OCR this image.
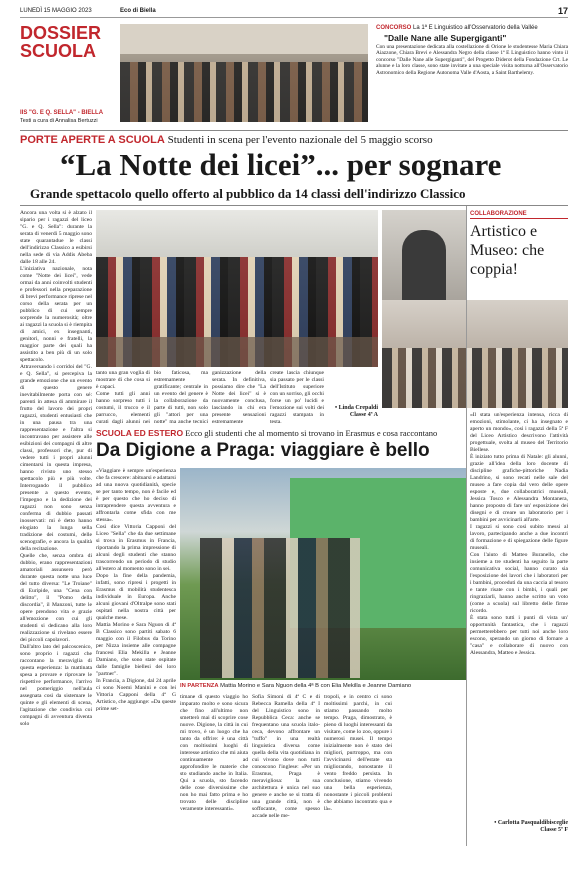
LUNEDÌ 15 MAGGIO 2023	Eco di Biella	17
DOSSIER
SCUOLA
IIS "G. E Q. SELLA" - BIELLA
Testi a cura di Annalisa Bertuzzi
CONCORSO La 1ª E Linguistico all'Osservatorio della Vallée
"Dalle Nane alle Supergiganti"
Con una presentazione dedicata alla costellazione di Orione le studentesse Maria Chiara Aiazzone, Chiara Brevi e Alessandra Negro della classe 1ª E Linguistico hanno vinto il concorso "Dalle Nane alle Supergiganti", del Progetto Diderot della Fondazione Crt. Le alunne e la loro classe, sono state invitate a una speciale visita notturna all'Osservatorio Astronomico della Regione Autonoma Valle d'Aosta, a Saint Barthelemy.
PORTE APERTE A SCUOLA Studenti in scena per l'evento nazionale del 5 maggio scorso
“La Notte dei licei”... per sognare
Grande spettacolo quello offerto al pubblico da 14 classi dell'indirizzo Classico
Ancora una volta si è alzato il sipario per i ragazzi del liceo "G. e Q. Sella": durante la serata di venerdì 5 maggio sono state quarantadue le classi dell'indirizzo Classico a esibirsi nella sede di via Addis Abeba dalle 18 alle 24.
L'iniziativa nazionale, nota come "Notte dei licei", vede ormai da anni coinvolti studenti e professori nella preparazione di brevi performance riprese nel corso della serata per un pubblico di cui sempre sorprende la numerosità; oltre ai ragazzi la scuola si è riempita di amici, ex insegnanti, genitori, nonni e fratelli, la maggior parte dei quali ha assistito a ben più di un solo spettacolo.
Attraversando i corridoi del "G. e Q. Sella", si percepiva la grande emozione che un evento di questo genere inevitabilmente porta con sé: parenti in attesa di ammirare il frutto del lavoro dei propri ragazzi, studenti entusiasti che in una pausa tra una rappresentazione e l'altra si incontravano per assistere alle esibizioni dei compagni di altre classi, professori che, pur di vedere tutti i propri alunni cimentarsi in questa impresa, hanno rivisto uno stesso spettacolo più e più volte. Interrogando il pubblico presente a questo evento, l'impegno e la dedizione dei ragazzi non sono senza conferma di dubbio passati inosservati: mi è detto hanno elogiato la lunga sella tradizione dei costumi, delle scenografie, e ancora la qualità della recitazione.
Quelle che, senza ombra di dubbio, erano rappresentazioni amatoriali assunsero però durante questa notte una luce del tutto diversa: "Le Troiane" di Euripide, una "Cena con delitto", il "Pomo della discordia", il Manzoni, tutte le opere prendono vita e grazie all'emozione con cui gli studenti si dedicano alla loro realizzazione si rivelano essere dei piccoli capolavori.
Dall'altro lato del palcoscenico, sono proprio i ragazzi che raccontano la meraviglia di questa esperienza: la mattinata spesa a provare e riprovare le rispettive performance, l'arrivo nel pomeriggio nell'aula assegnata così da sistemare le quinte e gli elementi di scena, l'agitazione che condivisa coi compagni di avventura diventa solo
tanto una gran voglia di mostrare di che cosa si è capaci.
Come tutti gli anni hanno sorpreso tutti i costumi, il trucco e il parrucco, elementi curati dagli alunni nei

bio faticosa, ma estremamente gratificante; centrale in un evento del genere è la collaborazione da parte di tutti, non solo gli "attori per una notte" ma anche tecnici
ganizzazione della serata. In definitiva, possiamo dire che "La Notte dei licei" si è nuovamente conclusa, lasciando in chi era presente sensazioni estremamente
create lascia chiunque sia passato per le classi dell'Istituto superiore con un sorriso, gli occhi forse un po' lucidi e l'emozione sui volti dei ragazzi stampata in testa.
• Linda Crepaldi
Classe 4ª A
COLLABORAZIONE
Artistico e Museo: che coppia!
«Il stata un'esperienza intensa, ricca di emozioni, stimolante, ci ha insegnato e aperto un mondo», così i ragazzi della 5ª F del Liceo Artistico descrivono l'attività progettuale, svolta al museo del Territorio Biellese.
È iniziato tutto prima di Natale: gli alunni, grazie all'idea della loro docente di discipline grafiche-pittoriche Nadia Landrino, si sono recati nelle sale del museo a fare copia dal vero delle opere esposte e, due collaboratrici museali, Jessica Tosco e Alessandra Montanera, hanno proposto di fare un' esposizione dei disegni e di creare un laboratorio per i bambini per avvicinarli all'arte.
I ragazzi si sono così subito messi al lavoro, partecipando anche a due incontri di formazione e di spiegazione delle figure museali.
Con l'aiuto di Matteo Buranello, che insieme a tre studenti ha seguito la parte comunicativa social, hanno curato sia l'esposizione dei lavori che i laboratori per i bambini, procedutì da una caccia al tesoro e tante risate con i bimbi, i quali per ringraziarli, hanno anche scritto un voto (come a scuola) sul libretto delle firme ricordo.
È stata sono tutti i punti di vista un' opportunità fantastica, che i ragazzi permetterebbero per tutti noi anche loro escono, sperando un giorno di fornare a "casa" e collaborare di nuovo con Alessandra, Matteo e Jessica.
• Carlotta Pasqualdibisceglie
Classe 5ª F
SCUOLA ED ESTERO Ecco gli studenti che al momento si trovano in Erasmus e cosa raccontano
Da Digione a Praga: viaggiare è bello
«Viaggiare è sempre un'esperienza che fa crescere: abituarsi e adattarsi ad una nuova quotidianità, specie se per tanto tempo, non è facile ed è per questo che ho deciso di intraprendere questa avventura e affrontarla come sfida con me stessa».
Così dice Vittoria Capponi del Liceo "Sella" che da due settimane si trova in Erasmus in Francia, riportando la prima impressione di alcuni degli studenti che stanno trascorrendo un periodo di studio all'estero al momento sono in sei.
Dopo la fine della pandemia, infatti, sono ripresi i progetti in Erasmus di mobilità studentesca individuale in Europa. Anche alcuni giovani d'Oltralpe sono stati ospitati nella nostra città per qualche mese.
Mattia Morino e Sara Nguon di 4ª B Classico sono partiti sabato 6 maggio con il Filobus da Torino per Nizza insieme alle compagne francesi Elia Mekilla e Jeanne Damiano, che sono state ospitate dalle famiglie biellesi dei loro "partner".
In Francia, a Digione, dal 24 aprile ci sono Noemi Manini e con lei Vittoria Capponi della 4ª G Artistico, che aggiunge: «Da queste prime set-
IN PARTENZA Mattia Morino e Sara Nguon della 4ª B con Elia Mekilla e Jeanne Damiano
timane di questo viaggio ho imparato molto e sono sicura che fino all'ultimo non smetterò mai di scoprire cose nuove. Digione, la città in cui mi trovo, è un luogo che ha tanto da offrire: è una città con moltissimi luoghi di interesse artistico che mi aiuta continuamente ad approfondire le materie che sto studiando anche in Italia. Qui a scuola, sto facendo delle cose diversissime che non ho mai fatto prima e ho trovato delle discipline veramente interessanti».
Sofia Simoni di 4ª C e di Rebecca Ramella della 4ª I del Linguistico sono in Repubblica Ceca: anche se frequentano una scuola italo-ceca, devono affrontare un "tuffo" in una realtà linguistica diversa come quella della vita quotidiana in cui vivono dove non tutti conoscono l'inglese: «Per un Erasmus, Praga è meravigliosa: la sua architettura è unica nel suo genere e anche se si tratta di una grande città, non è soffocante, come spesso accade nelle me-
tropoli, e in centro ci sono moltissimi parchi, in cui stiamo passando molto tempo. Praga, dimostrato, è pieno di luoghi interessanti da visitare, come lo zoo, oppure i numerosi musei. Il tempo inizialmente non è stato dei migliori, purtroppo, ma con l'avvicinarsi dell'estate sta migliorando, nonostante il vento freddo persista. In conclusione, stiamo vivendo una bella esperienza, nonostante i piccoli problemi che abbiamo incontrato qua e là».
